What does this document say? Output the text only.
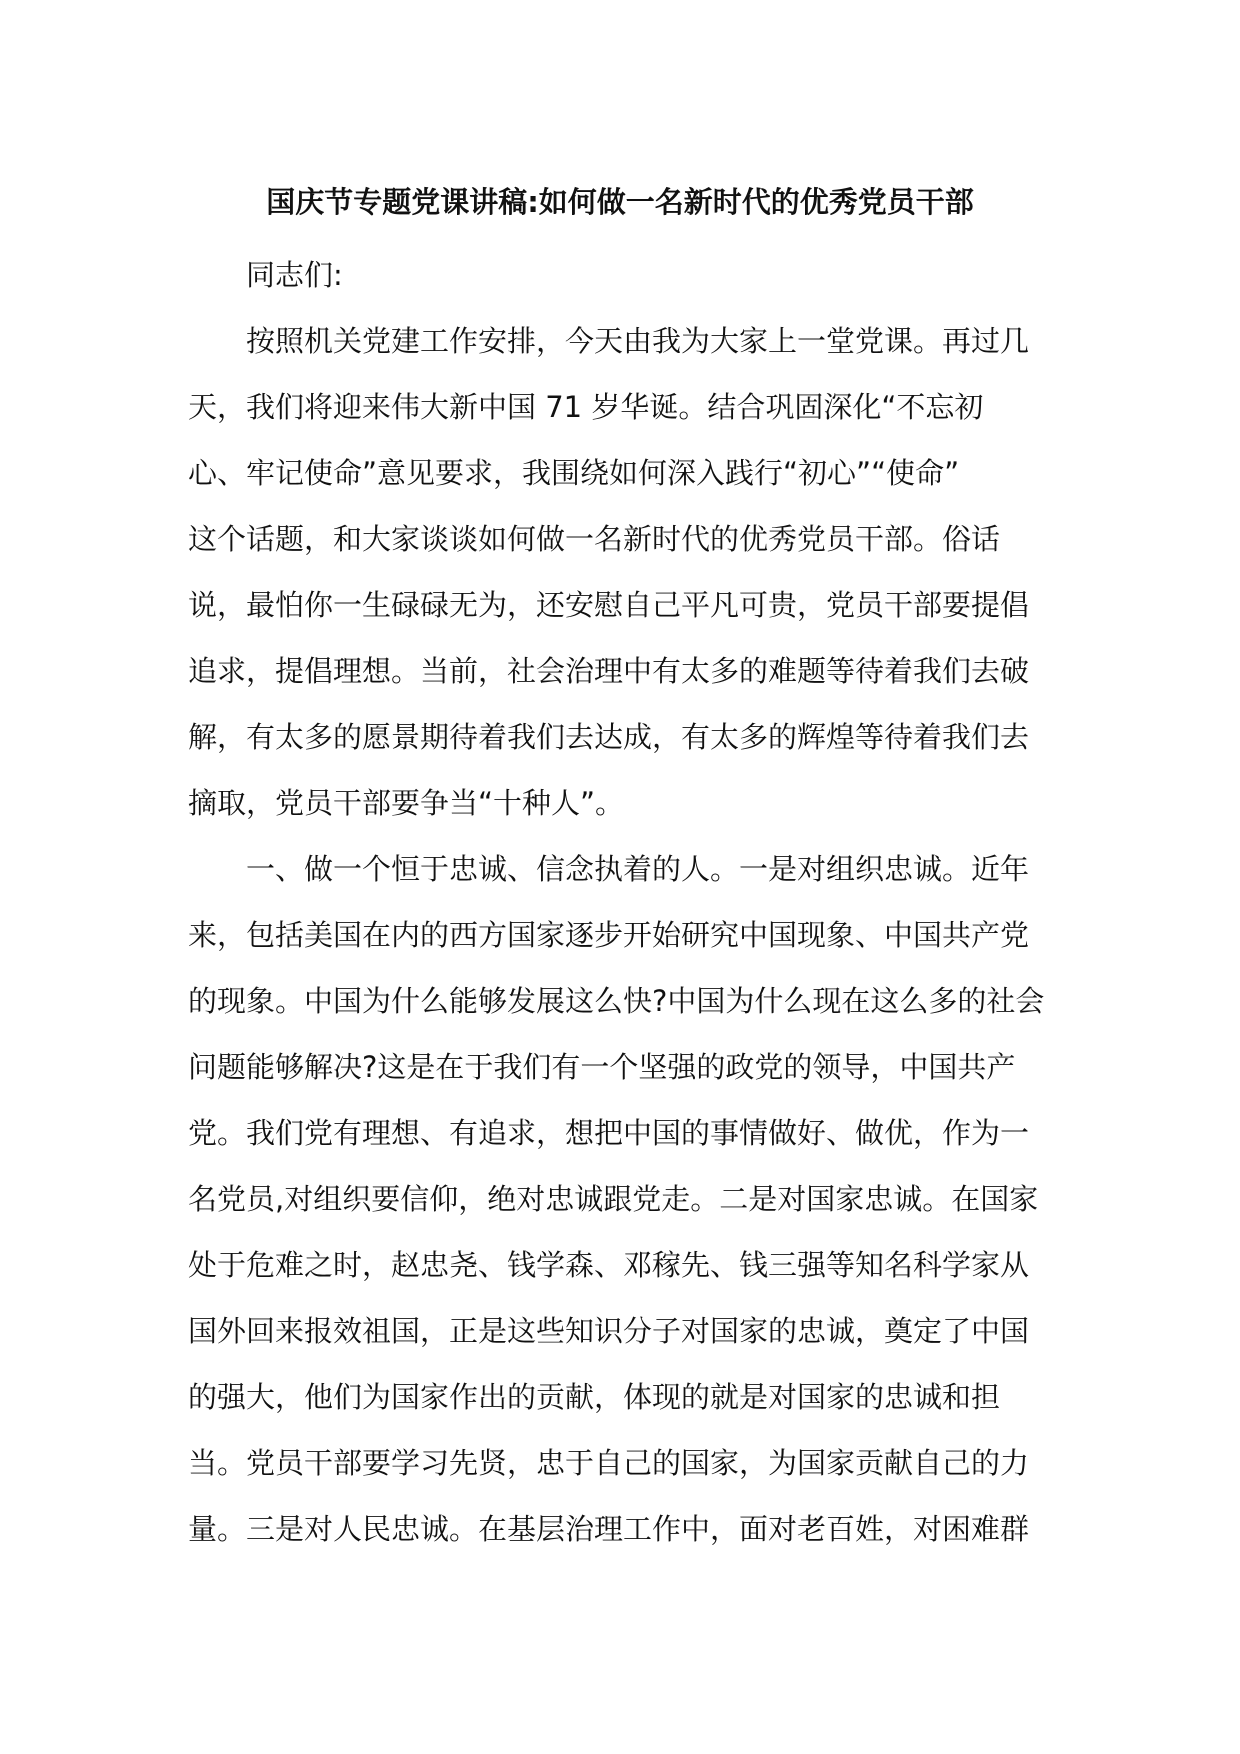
国庆节专题党课讲稿:如何做一名新时代的优秀党员干部

同志们:

按照机关党建工作安排，今天由我为大家上一堂党课。再过几
天，我们将迎来伟大新中国 71 岁华诞。结合巩固深化“不忘初
心、牢记使命”意见要求，我围绕如何深入践行“初心”“使命”
这个话题，和大家谈谈如何做一名新时代的优秀党员干部。俗话
说，最怕你一生碌碌无为，还安慰自己平凡可贵，党员干部要提倡
追求，提倡理想。当前，社会治理中有太多的难题等待着我们去破
解，有太多的愿景期待着我们去达成，有太多的辉煌等待着我们去
摘取，党员干部要争当“十种人”。

一、做一个恒于忠诚、信念执着的人。一是对组织忠诚。近年
来，包括美国在内的西方国家逐步开始研究中国现象、中国共产党
的现象。中国为什么能够发展这么快?中国为什么现在这么多的社会
问题能够解决?这是在于我们有一个坚强的政党的领导，中国共产
党。我们党有理想、有追求，想把中国的事情做好、做优，作为一
名党员,对组织要信仰，绝对忠诚跟党走。二是对国家忠诚。在国家
处于危难之时，赵忠尧、钱学森、邓稼先、钱三强等知名科学家从
国外回来报效祖国，正是这些知识分子对国家的忠诚，奠定了中国
的强大，他们为国家作出的贡献，体现的就是对国家的忠诚和担
当。党员干部要学习先贤，忠于自己的国家，为国家贡献自己的力
量。三是对人民忠诚。在基层治理工作中，面对老百姓，对困难群
